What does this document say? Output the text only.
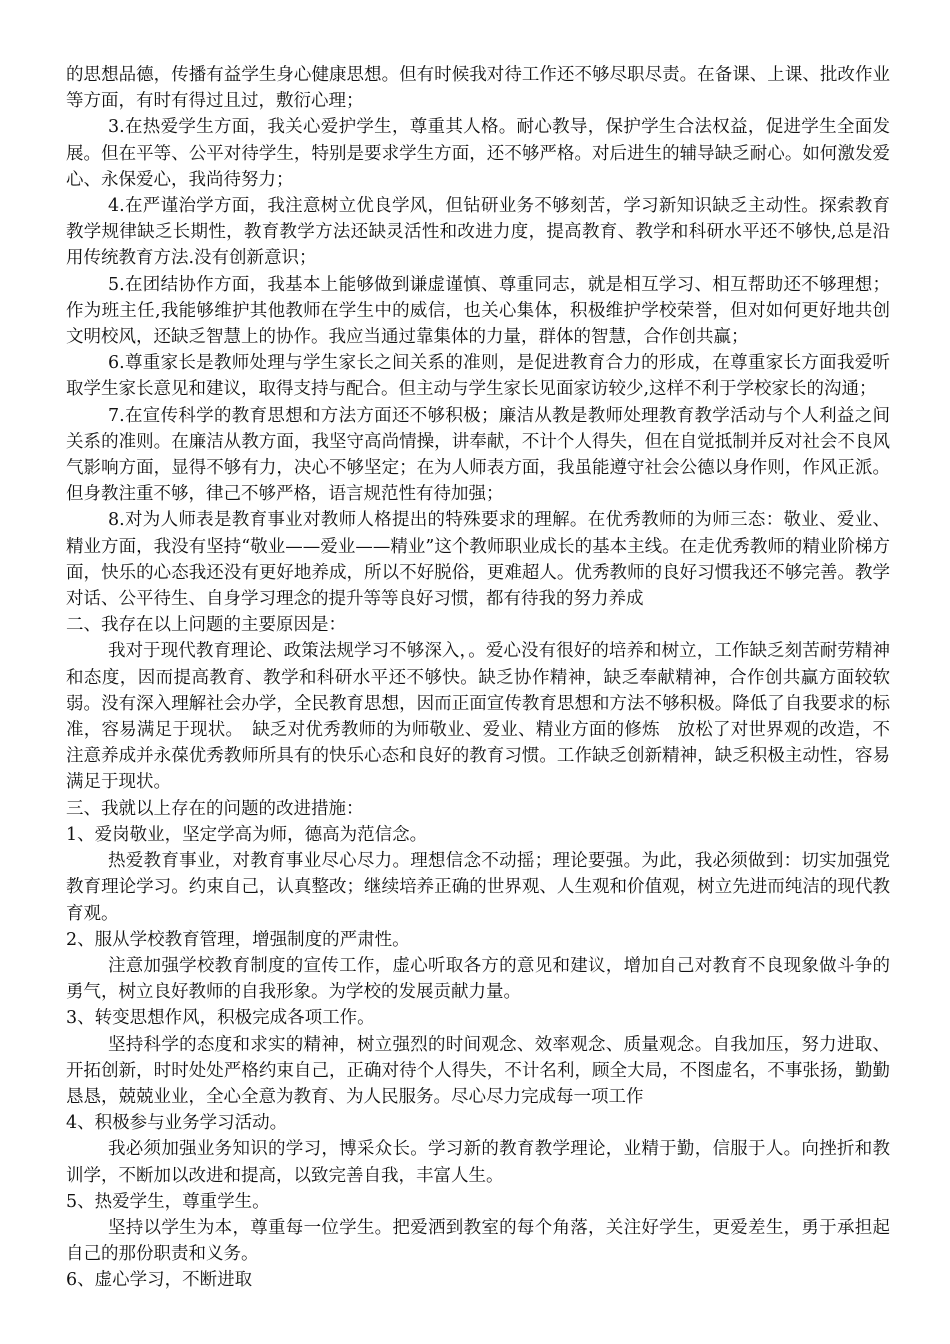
的思想品德，传播有益学生身心健康思想。但有时候我对待工作还不够尽职尽责。在备课、上课、批改作业等方面，有时有得过且过，敷衍心理；

3.在热爱学生方面，我关心爱护学生，尊重其人格。耐心教导，保护学生合法权益，促进学生全面发展。但在平等、公平对待学生，特别是要求学生方面，还不够严格。对后进生的辅导缺乏耐心。如何激发爱心、永保爱心，我尚待努力；

4.在严谨治学方面，我注意树立优良学风，但钻研业务不够刻苦，学习新知识缺乏主动性。探索教育教学规律缺乏长期性，教育教学方法还缺灵活性和改进力度，提高教育、教学和科研水平还不够快,总是沿用传统教育方法.没有创新意识；

5.在团结协作方面，我基本上能够做到谦虚谨慎、尊重同志，就是相互学习、相互帮助还不够理想；作为班主任,我能够维护其他教师在学生中的威信，也关心集体，积极维护学校荣誉，但对如何更好地共创文明校风，还缺乏智慧上的协作。我应当通过靠集体的力量，群体的智慧，合作创共赢；

6.尊重家长是教师处理与学生家长之间关系的准则，是促进教育合力的形成，在尊重家长方面我爱听取学生家长意见和建议，取得支持与配合。但主动与学生家长见面家访较少,这样不利于学校家长的沟通；

7.在宣传科学的教育思想和方法方面还不够积极；廉洁从教是教师处理教育教学活动与个人利益之间关系的准则。在廉洁从教方面，我坚守高尚情操，讲奉献，不计个人得失，但在自觉抵制并反对社会不良风气影响方面，显得不够有力，决心不够坚定；在为人师表方面，我虽能遵守社会公德以身作则，作风正派。但身教注重不够，律己不够严格，语言规范性有待加强；

8.对为人师表是教育事业对教师人格提出的特殊要求的理解。在优秀教师的为师三态：敬业、爱业、精业方面，我没有坚持“敬业——爱业——精业”这个教师职业成长的基本主线。在走优秀教师的精业阶梯方面，快乐的心态我还没有更好地养成，所以不好脱俗，更难超人。优秀教师的良好习惯我还不够完善。教学对话、公平待生、自身学习理念的提升等等良好习惯，都有待我的努力养成

二、我存在以上问题的主要原因是：

我对于现代教育理论、政策法规学习不够深入，。爱心没有很好的培养和树立，工作缺乏刻苦耐劳精神和态度，因而提高教育、教学和科研水平还不够快。缺乏协作精神，缺乏奉献精神，合作创共赢方面较软弱。没有深入理解社会办学，全民教育思想，因而正面宣传教育思想和方法不够积极。降低了自我要求的标准，容易满足于现状。　缺乏对优秀教师的为师敬业、爱业、精业方面的修炼　放松了对世界观的改造，不注意养成并永葆优秀教师所具有的快乐心态和良好的教育习惯。工作缺乏创新精神，缺乏积极主动性，容易满足于现状。

三、我就以上存在的问题的改进措施：

1、爱岗敬业，坚定学高为师，德高为范信念。

热爱教育事业，对教育事业尽心尽力。理想信念不动摇；理论要强。为此，我必须做到：切实加强党教育理论学习。约束自己，认真整改；继续培养正确的世界观、人生观和价值观，树立先进而纯洁的现代教育观。

2、服从学校教育管理，增强制度的严肃性。

注意加强学校教育制度的宣传工作，虚心听取各方的意见和建议，增加自己对教育不良现象做斗争的勇气，树立良好教师的自我形象。为学校的发展贡献力量。

3、转变思想作风，积极完成各项工作。

坚持科学的态度和求实的精神，树立强烈的时间观念、效率观念、质量观念。自我加压，努力进取、开拓创新，时时处处严格约束自己，正确对待个人得失，不计名利，顾全大局，不图虚名，不事张扬，勤勤恳恳，兢兢业业，全心全意为教育、为人民服务。尽心尽力完成每一项工作

4、积极参与业务学习活动。

我必须加强业务知识的学习，博采众长。学习新的教育教学理论，业精于勤，信服于人。向挫折和教训学，不断加以改进和提高，以致完善自我，丰富人生。

5、热爱学生，尊重学生。

坚持以学生为本，尊重每一位学生。把爱洒到教室的每个角落，关注好学生，更爱差生，勇于承担起自己的那份职责和义务。

6、虚心学习，不断进取
